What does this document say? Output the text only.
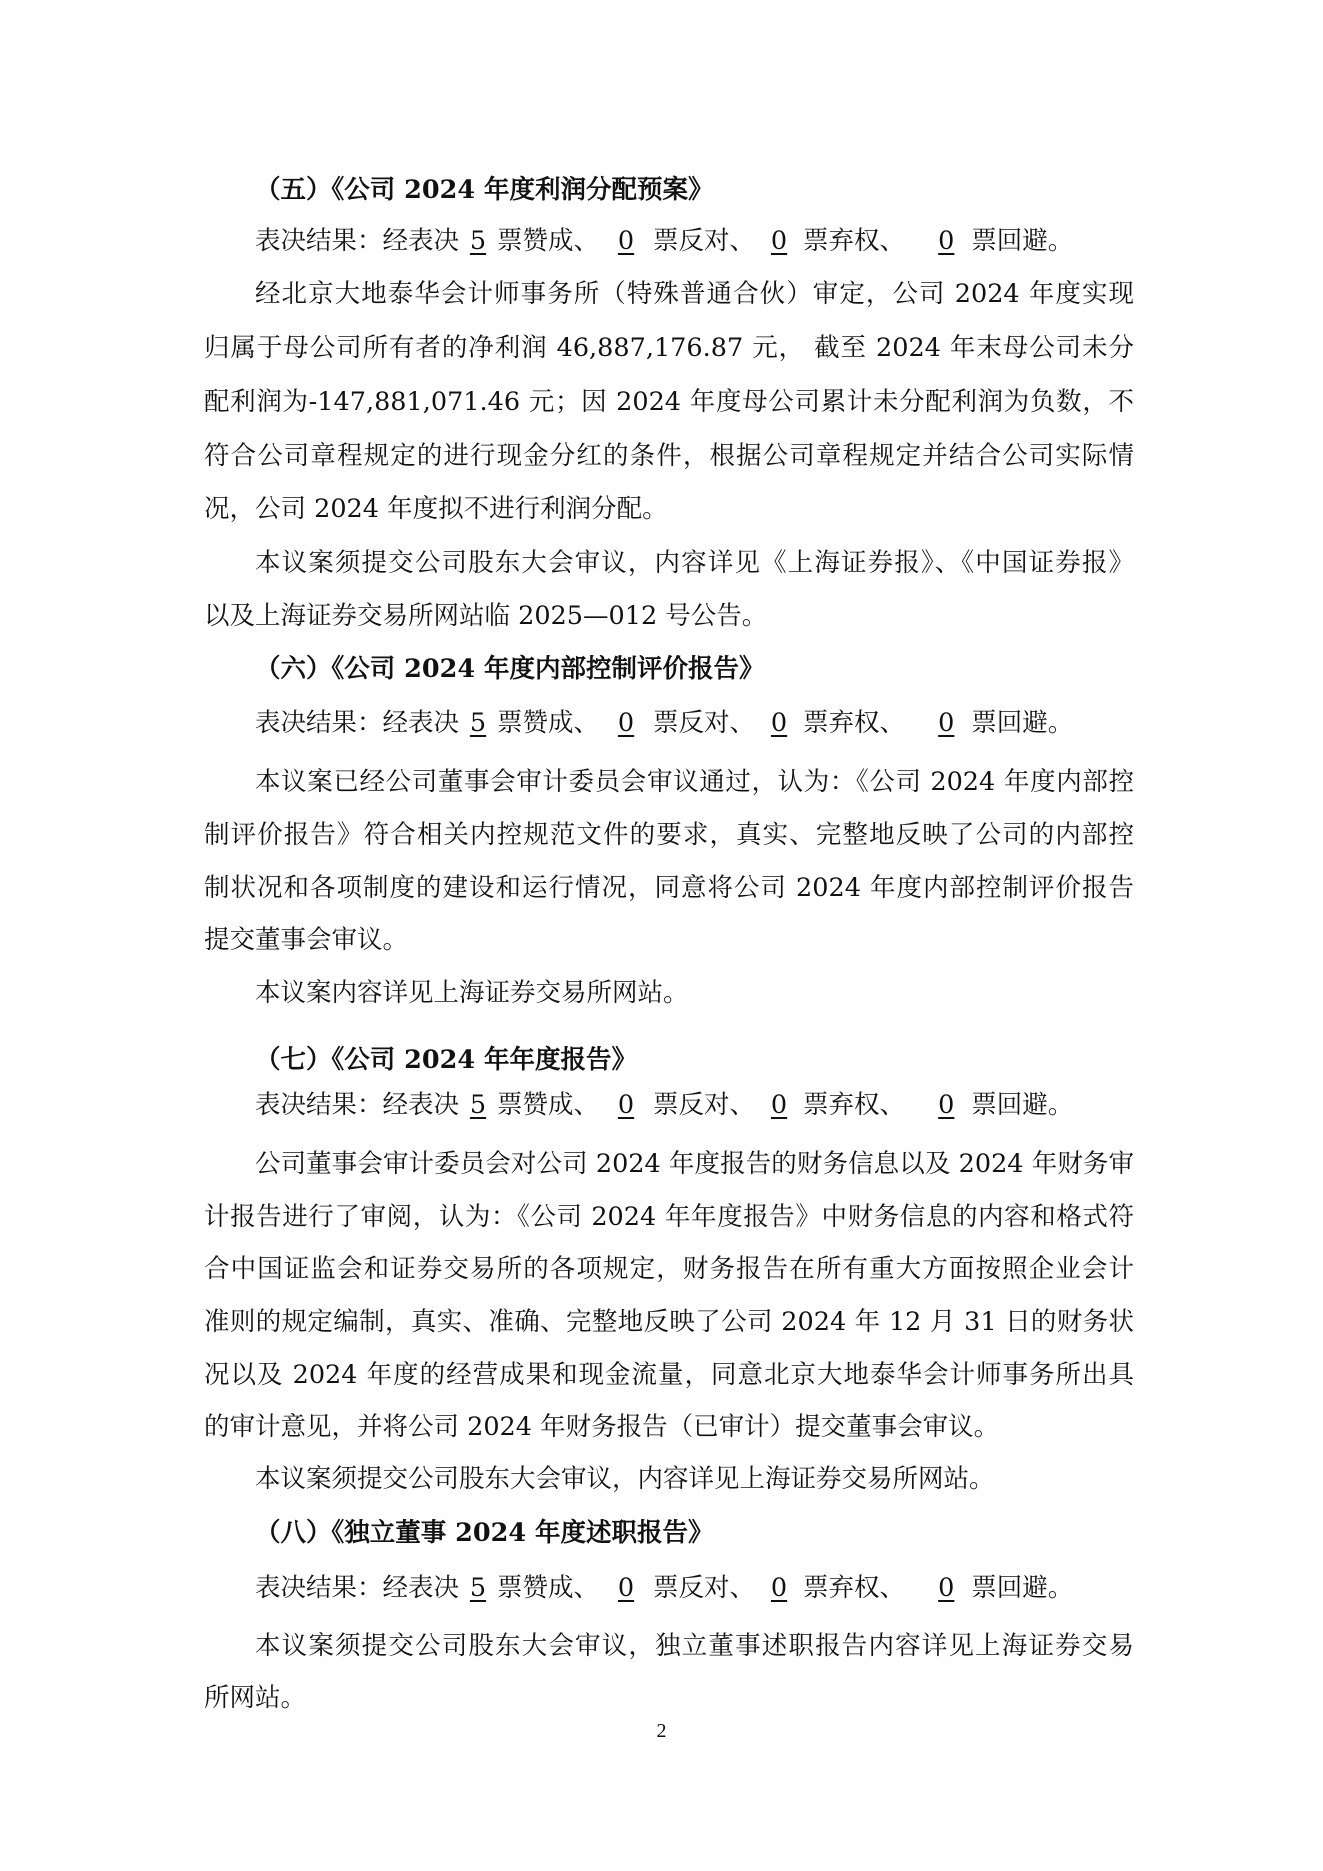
（五）《公司 2024 年度利润分配预案》
表决结果：经表决 5 票赞成、 0 票反对、 0 票弃权、 0 票回避。
经北京大地泰华会计师事务所（特殊普通合伙）审定，公司 2024 年度实现
归属于母公司所有者的净利润 46,887,176.87 元， 截至 2024 年末母公司未分
配利润为-147,881,071.46 元；因 2024 年度母公司累计未分配利润为负数，不
符合公司章程规定的进行现金分红的条件，根据公司章程规定并结合公司实际情
况，公司 2024 年度拟不进行利润分配。
本议案须提交公司股东大会审议，内容详见《上海证券报》、《中国证券报》
以及上海证券交易所网站临 2025—012 号公告。
（六）《公司 2024 年度内部控制评价报告》
表决结果：经表决 5 票赞成、 0 票反对、 0 票弃权、 0 票回避。
本议案已经公司董事会审计委员会审议通过，认为：《公司 2024 年度内部控
制评价报告》符合相关内控规范文件的要求，真实、完整地反映了公司的内部控
制状况和各项制度的建设和运行情况，同意将公司 2024 年度内部控制评价报告
提交董事会审议。
本议案内容详见上海证券交易所网站。
（七）《公司 2024 年年度报告》
表决结果：经表决 5 票赞成、 0 票反对、 0 票弃权、 0 票回避。
公司董事会审计委员会对公司 2024 年度报告的财务信息以及 2024 年财务审
计报告进行了审阅，认为：《公司 2024 年年度报告》中财务信息的内容和格式符
合中国证监会和证券交易所的各项规定，财务报告在所有重大方面按照企业会计
准则的规定编制，真实、准确、完整地反映了公司 2024 年 12 月 31 日的财务状
况以及 2024 年度的经营成果和现金流量，同意北京大地泰华会计师事务所出具
的审计意见，并将公司 2024 年财务报告（已审计）提交董事会审议。
本议案须提交公司股东大会审议，内容详见上海证券交易所网站。
（八）《独立董事 2024 年度述职报告》
表决结果：经表决 5 票赞成、 0 票反对、 0 票弃权、 0 票回避。
本议案须提交公司股东大会审议，独立董事述职报告内容详见上海证券交易
所网站。
2
